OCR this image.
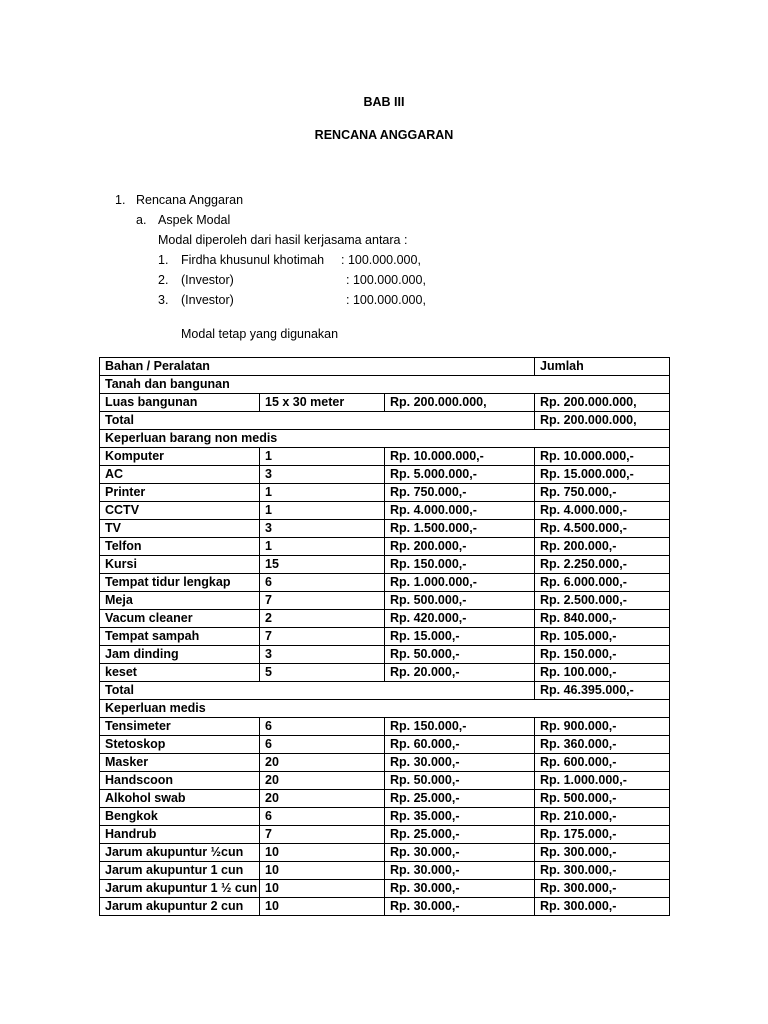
BAB III
RENCANA ANGGARAN
1. Rencana Anggaran
a. Aspek Modal
Modal diperoleh dari hasil kerjasama antara :
1. Firdha khusunul khotimah : 100.000.000,
2. (Investor)	: 100.000.000,
3. (Investor)	: 100.000.000,
Modal tetap yang digunakan
Bahan / Peralatan			Jumlah
Tanah dan bangunan			
Luas bangunan	15 x 30 meter	Rp. 200.000.000,	Rp. 200.000.000,
Total			Rp. 200.000.000,
Keperluan barang non medis			
Komputer	1	Rp. 10.000.000,-	Rp. 10.000.000,-
AC	3	Rp. 5.000.000,-	Rp. 15.000.000,-
Printer	1	Rp. 750.000,-	Rp. 750.000,-
CCTV	1	Rp. 4.000.000,-	Rp. 4.000.000,-
TV	3	Rp. 1.500.000,-	Rp. 4.500.000,-
Telfon	1	Rp. 200.000,-	Rp. 200.000,-
Kursi	15	Rp. 150.000,-	Rp. 2.250.000,-
Tempat tidur lengkap	6	Rp. 1.000.000,-	Rp. 6.000.000,-
Meja	7	Rp. 500.000,-	Rp. 2.500.000,-
Vacum cleaner	2	Rp. 420.000,-	Rp. 840.000,-
Tempat sampah	7	Rp. 15.000,-	Rp. 105.000,-
Jam dinding	3	Rp. 50.000,-	Rp. 150.000,-
keset	5	Rp. 20.000,-	Rp. 100.000,-
Total			Rp. 46.395.000,-
Keperluan medis			
Tensimeter	6	Rp. 150.000,-	Rp. 900.000,-
Stetoskop	6	Rp. 60.000,-	Rp. 360.000,-
Masker	20	Rp. 30.000,-	Rp. 600.000,-
Handscoon	20	Rp. 50.000,-	Rp. 1.000.000,-
Alkohol swab	20	Rp. 25.000,-	Rp. 500.000,-
Bengkok	6	Rp. 35.000,-	Rp. 210.000,-
Handrub	7	Rp. 25.000,-	Rp. 175.000,-
Jarum akupuntur ½cun	10	Rp. 30.000,-	Rp. 300.000,-
Jarum akupuntur 1 cun	10	Rp. 30.000,-	Rp. 300.000,-
Jarum akupuntur 1 ½ cun	10	Rp. 30.000,-	Rp. 300.000,-
Jarum akupuntur 2 cun	10	Rp. 30.000,-	Rp. 300.000,-
